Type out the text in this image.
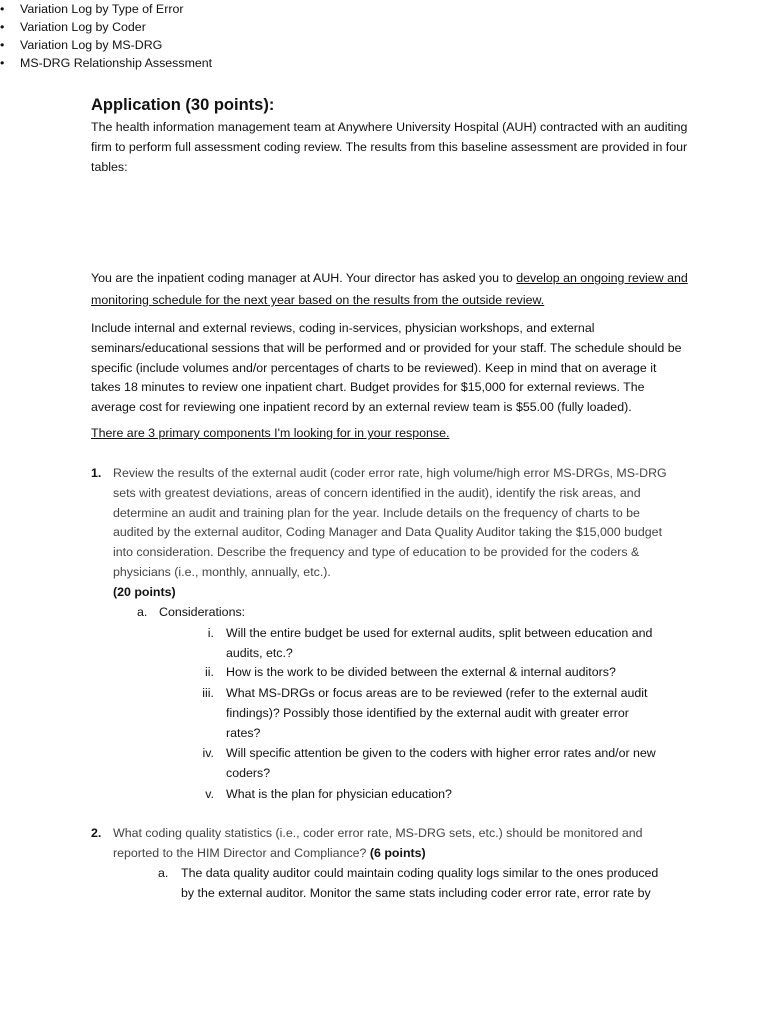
Application (30 points):
The health information management team at Anywhere University Hospital (AUH) contracted with an auditing firm to perform full assessment coding review. The results from this baseline assessment are provided in four tables:
• Variation Log by Type of Error
• Variation Log by Coder
• Variation Log by MS-DRG
• MS-DRG Relationship Assessment
You are the inpatient coding manager at AUH. Your director has asked you to develop an ongoing review and monitoring schedule for the next year based on the results from the outside review.
Include internal and external reviews, coding in-services, physician workshops, and external seminars/educational sessions that will be performed and or provided for your staff. The schedule should be specific (include volumes and/or percentages of charts to be reviewed). Keep in mind that on average it takes 18 minutes to review one inpatient chart. Budget provides for $15,000 for external reviews. The average cost for reviewing one inpatient record by an external review team is $55.00 (fully loaded).
There are 3 primary components I'm looking for in your response.
1. Review the results of the external audit (coder error rate, high volume/high error MS-DRGs, MS-DRG sets with greatest deviations, areas of concern identified in the audit), identify the risk areas, and determine an audit and training plan for the year. Include details on the frequency of charts to be audited by the external auditor, Coding Manager and Data Quality Auditor taking the $15,000 budget into consideration. Describe the frequency and type of education to be provided for the coders & physicians (i.e., monthly, annually, etc.).
(20 points)
a. Considerations:
i. Will the entire budget be used for external audits, split between education and audits, etc.?
ii. How is the work to be divided between the external & internal auditors?
iii. What MS-DRGs or focus areas are to be reviewed (refer to the external audit findings)? Possibly those identified by the external audit with greater error rates?
iv. Will specific attention be given to the coders with higher error rates and/or new coders?
v. What is the plan for physician education?
2. What coding quality statistics (i.e., coder error rate, MS-DRG sets, etc.) should be monitored and reported to the HIM Director and Compliance? (6 points)
a. The data quality auditor could maintain coding quality logs similar to the ones produced by the external auditor. Monitor the same stats including coder error rate, error rate by
